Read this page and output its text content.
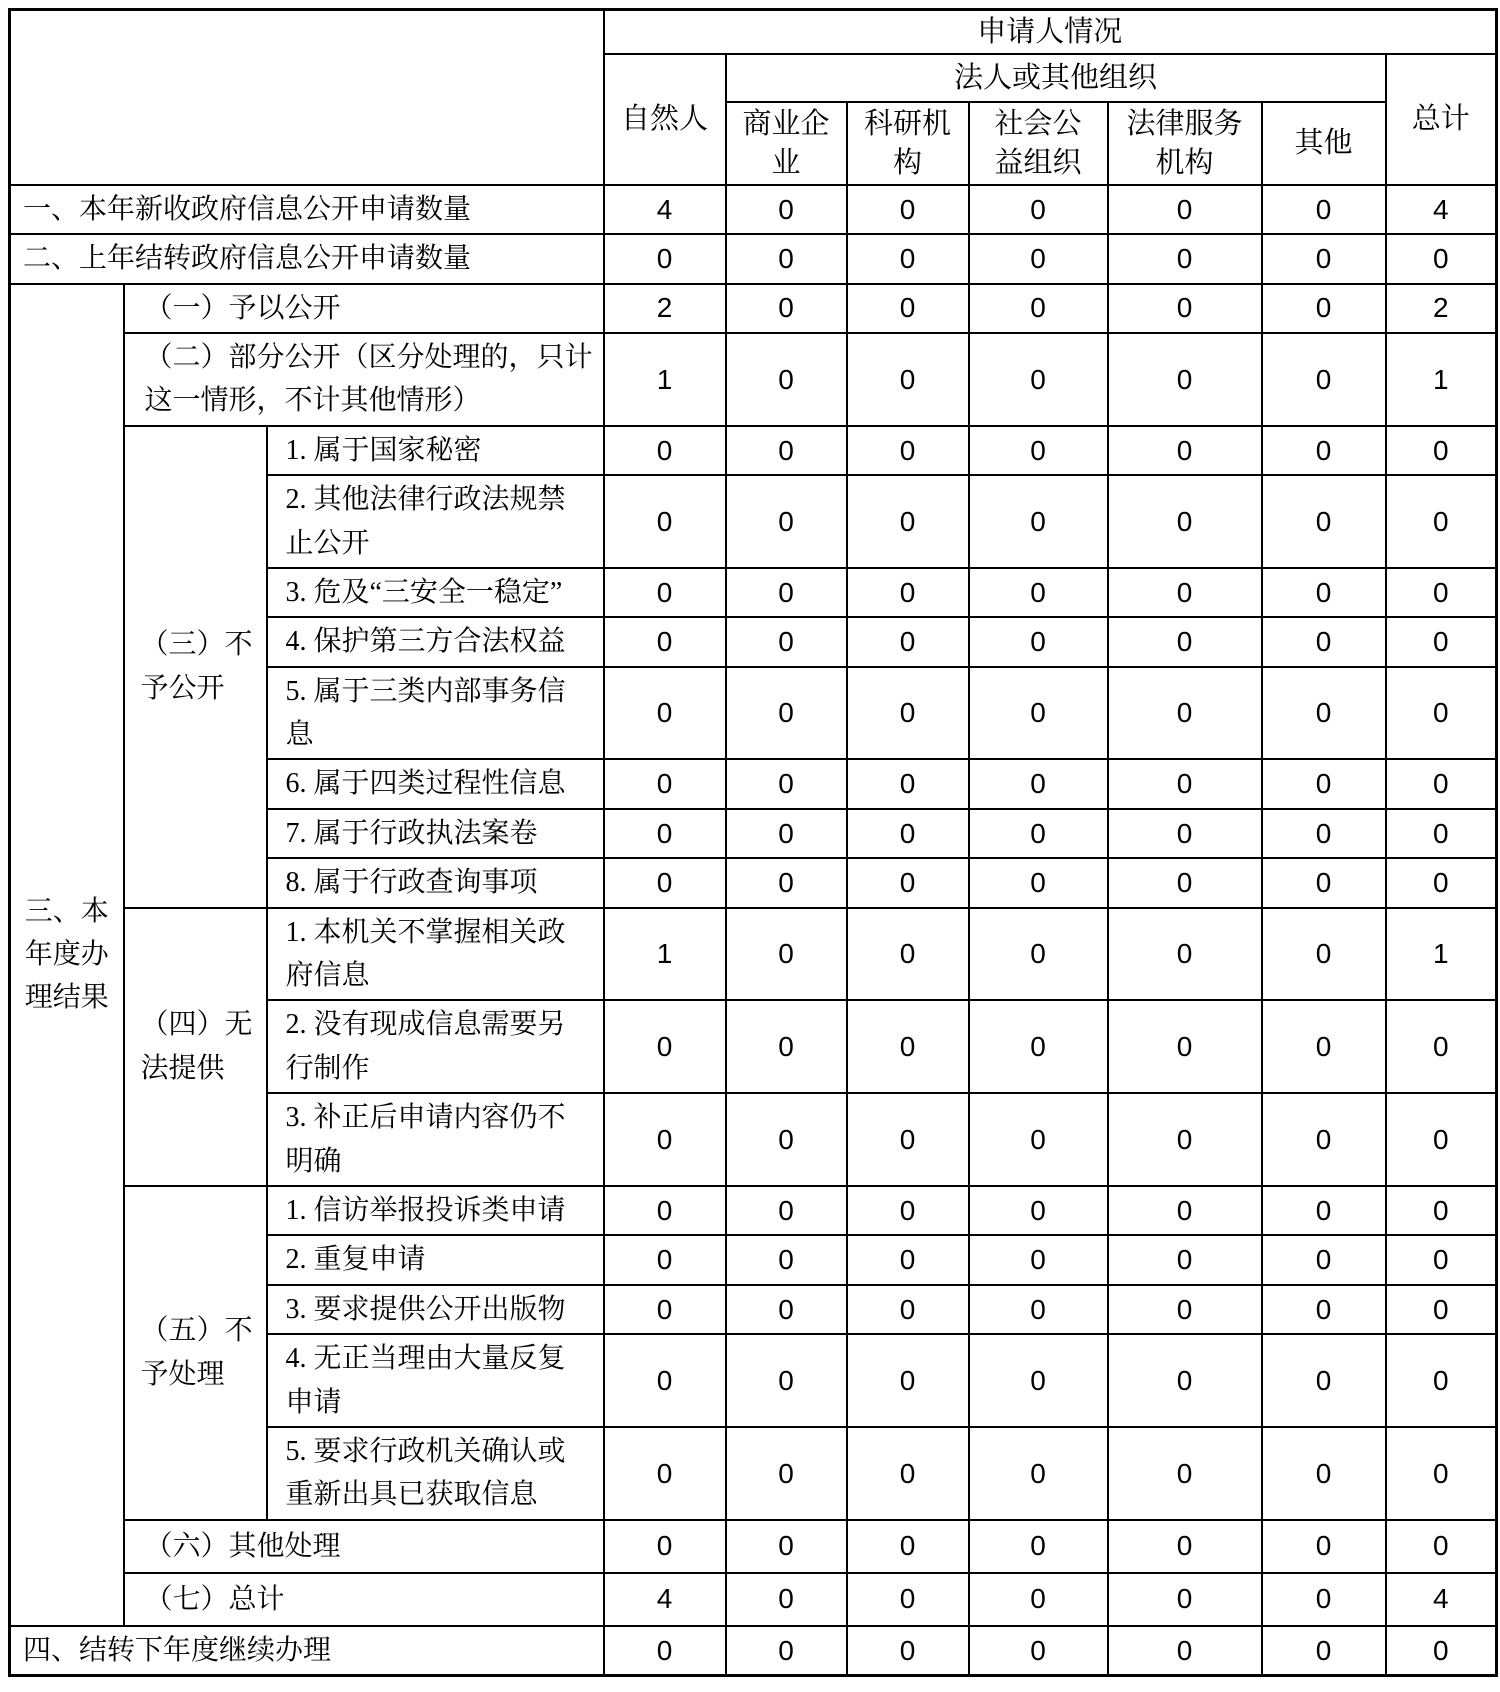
			申请人情况						
			自然人	法人或其他组织					总计
				商业企业	科研机构	社会公益组织	法律服务机构	其他	
一、本年新收政府信息公开申请数量			4	0	0	0	0	0	4
二、上年结转政府信息公开申请数量			0	0	0	0	0	0	0
三、本年度办理结果	（一）予以公开		2	0	0	0	0	0	2
	（二）部分公开（区分处理的，只计这一情形，不计其他情形）		1	0	0	0	0	0	1
	（三）不予公开	1. 属于国家秘密	0	0	0	0	0	0	0
		2. 其他法律行政法规禁止公开	0	0	0	0	0	0	0
		3. 危及“三安全一稳定”	0	0	0	0	0	0	0
		4. 保护第三方合法权益	0	0	0	0	0	0	0
		5. 属于三类内部事务信息	0	0	0	0	0	0	0
		6. 属于四类过程性信息	0	0	0	0	0	0	0
		7. 属于行政执法案卷	0	0	0	0	0	0	0
		8. 属于行政查询事项	0	0	0	0	0	0	0
	（四）无法提供	1. 本机关不掌握相关政府信息	1	0	0	0	0	0	1
		2. 没有现成信息需要另行制作	0	0	0	0	0	0	0
		3. 补正后申请内容仍不明确	0	0	0	0	0	0	0
	（五）不予处理	1. 信访举报投诉类申请	0	0	0	0	0	0	0
		2. 重复申请	0	0	0	0	0	0	0
		3. 要求提供公开出版物	0	0	0	0	0	0	0
		4. 无正当理由大量反复申请	0	0	0	0	0	0	0
		5. 要求行政机关确认或重新出具已获取信息	0	0	0	0	0	0	0
	（六）其他处理		0	0	0	0	0	0	0
	（七）总计		4	0	0	0	0	0	4
四、结转下年度继续办理			0	0	0	0	0	0	0
